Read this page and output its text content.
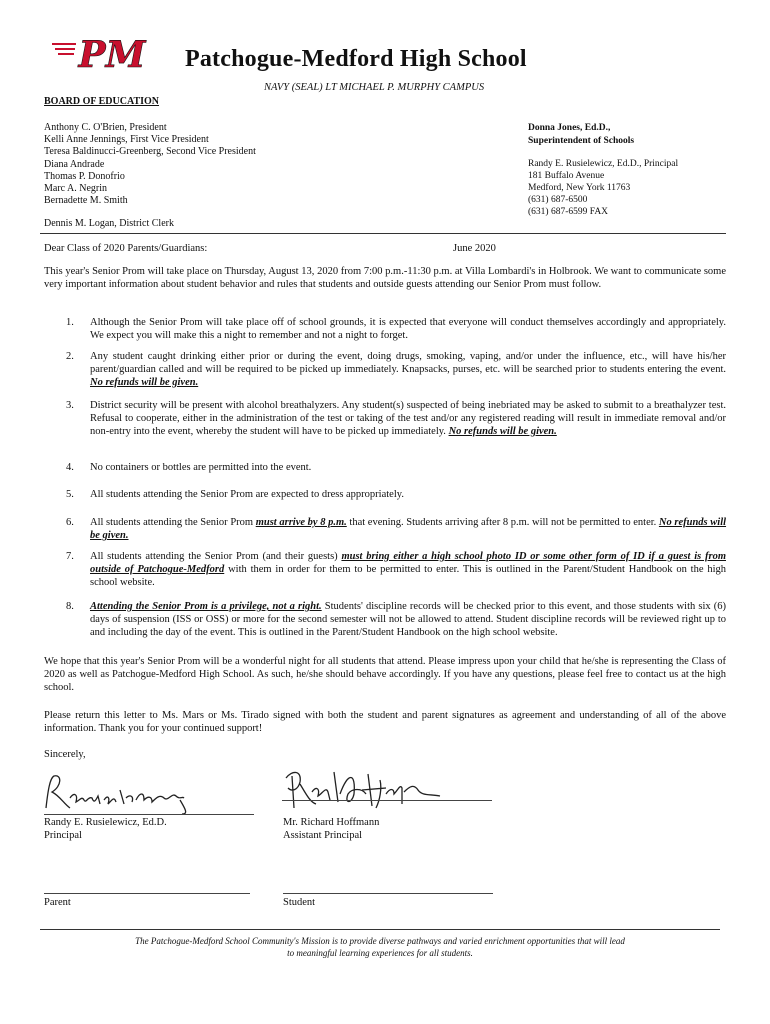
PM Patchogue-Medford High School
NAVY (SEAL) LT MICHAEL P. MURPHY CAMPUS
BOARD OF EDUCATION
Anthony C. O'Brien, President
Kelli Anne Jennings, First Vice President
Teresa Baldinucci-Greenberg, Second Vice President
Diana Andrade
Thomas P. Donofrio
Marc A. Negrin
Bernadette M. Smith
Dennis M. Logan, District Clerk
Donna Jones, Ed.D.,
Superintendent of Schools
Randy E. Rusielewicz, Ed.D., Principal
181 Buffalo Avenue
Medford, New York 11763
(631) 687-6500
(631) 687-6599 FAX
Dear Class of 2020 Parents/Guardians:	June 2020
This year's Senior Prom will take place on Thursday, August 13, 2020 from 7:00 p.m.-11:30 p.m. at Villa Lombardi's in Holbrook. We want to communicate some very important information about student behavior and rules that students and outside guests attending our Senior Prom must follow.
1. Although the Senior Prom will take place off of school grounds, it is expected that everyone will conduct themselves accordingly and appropriately. We expect you will make this a night to remember and not a night to forget.
2. Any student caught drinking either prior or during the event, doing drugs, smoking, vaping, and/or under the influence, etc., will have his/her parent/guardian called and will be required to be picked up immediately. Knapsacks, purses, etc. will be searched prior to students entering the event. No refunds will be given.
3. District security will be present with alcohol breathalyzers. Any student(s) suspected of being inebriated may be asked to submit to a breathalyzer test. Refusal to cooperate, either in the administration of the test or taking of the test and/or any registered reading will result in immediate removal and/or non-entry into the event, whereby the student will have to be picked up immediately. No refunds will be given.
4. No containers or bottles are permitted into the event.
5. All students attending the Senior Prom are expected to dress appropriately.
6. All students attending the Senior Prom must arrive by 8 p.m. that evening. Students arriving after 8 p.m. will not be permitted to enter. No refunds will be given.
7. All students attending the Senior Prom (and their guests) must bring either a high school photo ID or some other form of ID if a guest is from outside of Patchogue-Medford with them in order for them to be permitted to enter. This is outlined in the Parent/Student Handbook on the high school website.
8. Attending the Senior Prom is a privilege, not a right. Students' discipline records will be checked prior to this event, and those students with six (6) days of suspension (ISS or OSS) or more for the second semester will not be allowed to attend. Student discipline records will be reviewed right up to and including the day of the event. This is outlined in the Parent/Student Handbook on the high school website.
We hope that this year's Senior Prom will be a wonderful night for all students that attend. Please impress upon your child that he/she is representing the Class of 2020 as well as Patchogue-Medford High School. As such, he/she should behave accordingly. If you have any questions, please feel free to contact us at the high school.
Please return this letter to Ms. Mars or Ms. Tirado signed with both the student and parent signatures as agreement and understanding of all of the above information. Thank you for your continued support!
Sincerely,
Randy E. Rusielewicz, Ed.D.
Principal
Mr. Richard Hoffmann
Assistant Principal
Parent	Student
The Patchogue-Medford School Community's Mission is to provide diverse pathways and varied enrichment opportunities that will lead
to meaningful learning experiences for all students.
